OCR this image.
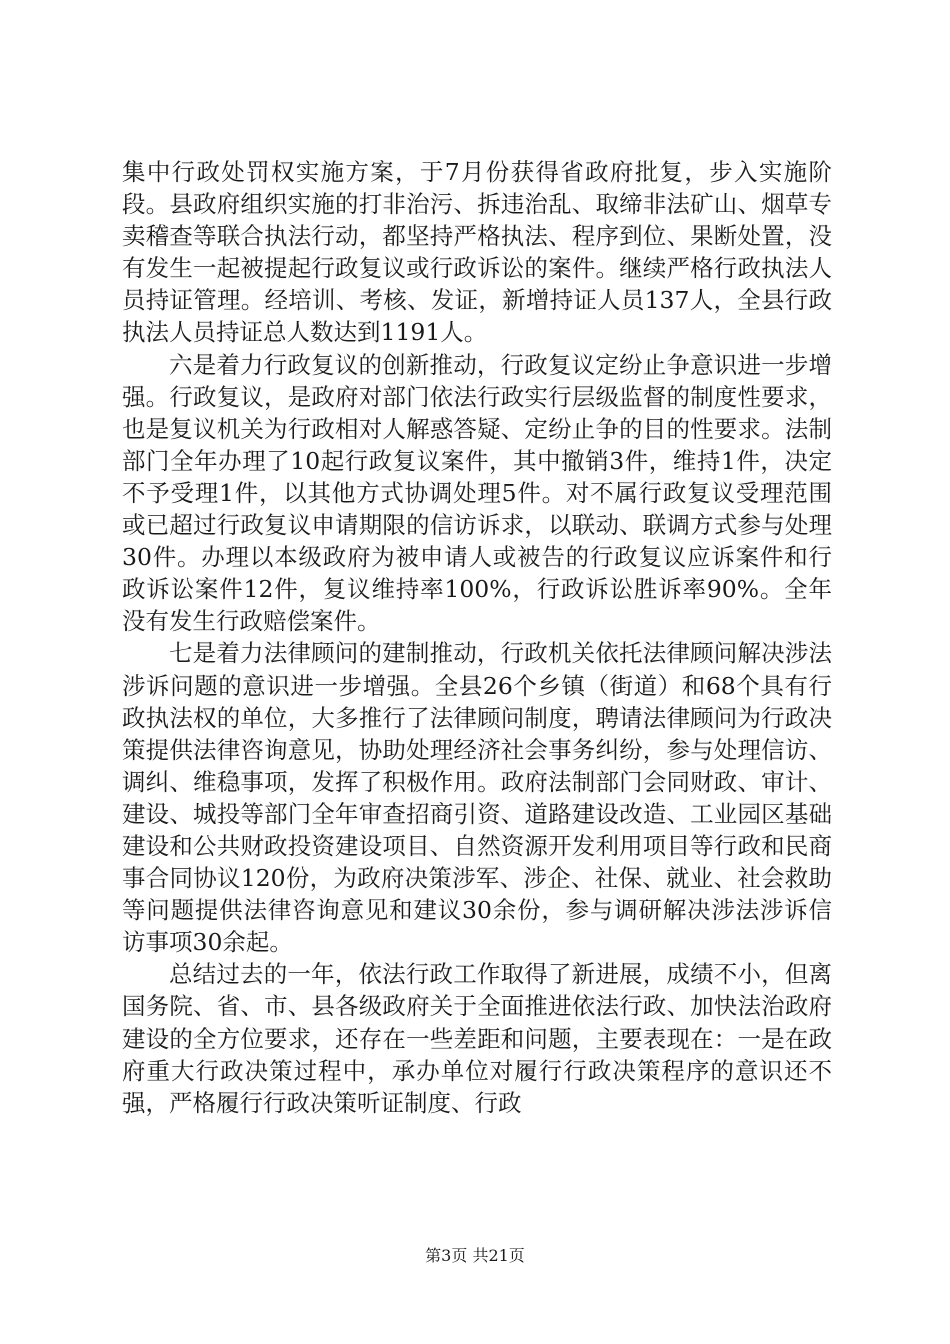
集中行政处罚权实施方案，于7月份获得省政府批复，步入实施阶段。县政府组织实施的打非治污、拆违治乱、取缔非法矿山、烟草专卖稽查等联合执法行动，都坚持严格执法、程序到位、果断处置，没有发生一起被提起行政复议或行政诉讼的案件。继续严格行政执法人员持证管理。经培训、考核、发证，新增持证人员137人，全县行政执法人员持证总人数达到1191人。

六是着力行政复议的创新推动，行政复议定纷止争意识进一步增强。行政复议，是政府对部门依法行政实行层级监督的制度性要求，也是复议机关为行政相对人解惑答疑、定纷止争的目的性要求。法制部门全年办理了10起行政复议案件，其中撤销3件，维持1件，决定不予受理1件，以其他方式协调处理5件。对不属行政复议受理范围或已超过行政复议申请期限的信访诉求，以联动、联调方式参与处理30件。办理以本级政府为被申请人或被告的行政复议应诉案件和行政诉讼案件12件，复议维持率100%，行政诉讼胜诉率90%。全年没有发生行政赔偿案件。

七是着力法律顾问的建制推动，行政机关依托法律顾问解决涉法涉诉问题的意识进一步增强。全县26个乡镇（街道）和68个具有行政执法权的单位，大多推行了法律顾问制度，聘请法律顾问为行政决策提供法律咨询意见，协助处理经济社会事务纠纷，参与处理信访、调纠、维稳事项，发挥了积极作用。政府法制部门会同财政、审计、建设、城投等部门全年审查招商引资、道路建设改造、工业园区基础建设和公共财政投资建设项目、自然资源开发利用项目等行政和民商事合同协议120份，为政府决策涉军、涉企、社保、就业、社会救助等问题提供法律咨询意见和建议30余份，参与调研解决涉法涉诉信访事项30余起。

总结过去的一年，依法行政工作取得了新进展，成绩不小，但离国务院、省、市、县各级政府关于全面推进依法行政、加快法治政府建设的全方位要求，还存在一些差距和问题，主要表现在：一是在政府重大行政决策过程中，承办单位对履行行政决策程序的意识还不强，严格履行行政决策听证制度、行政

第3页 共21页
